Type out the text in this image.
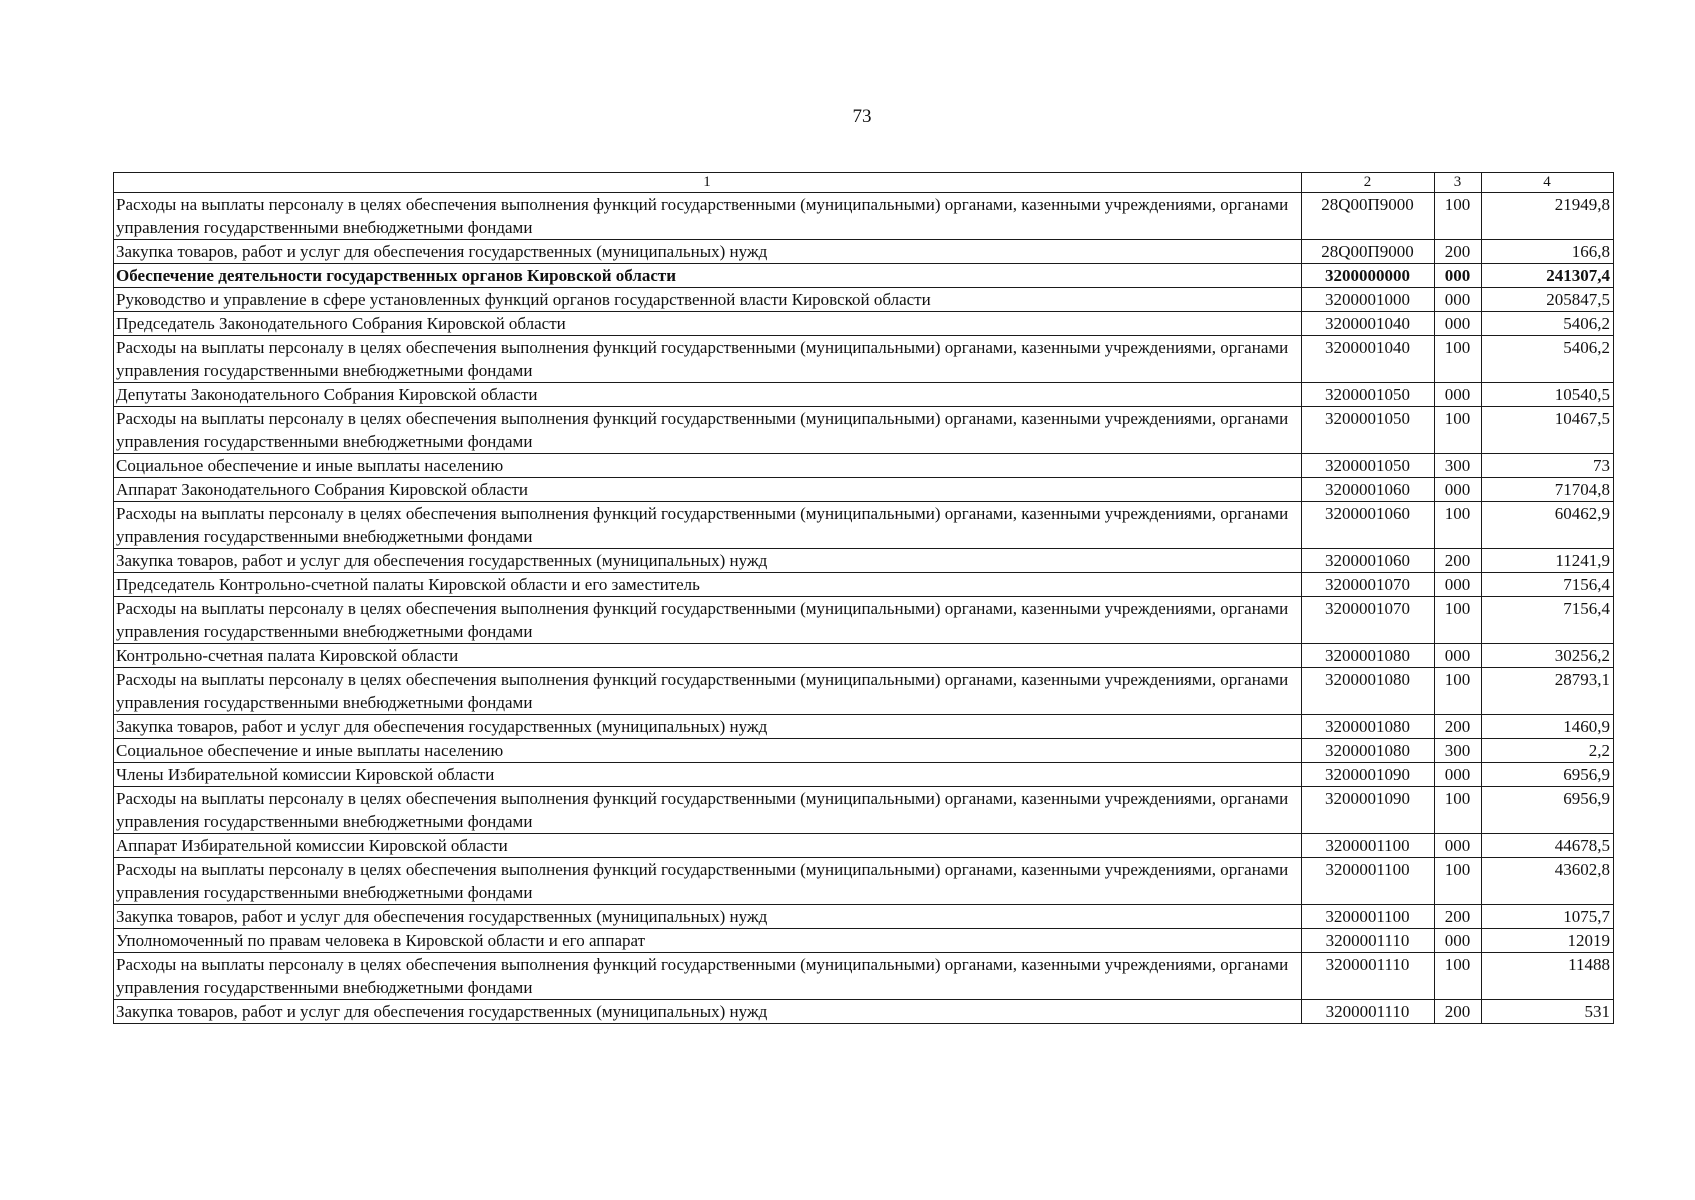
73
1	2	3	4
Расходы на выплаты персоналу в целях обеспечения выполнения функций государственными (муниципальными) органами, казенными учреждениями, органами управления государственными внебюджетными фондами	28Q00П9000	100	21949,8
Закупка товаров, работ и услуг для обеспечения государственных (муниципальных) нужд	28Q00П9000	200	166,8
Обеспечение деятельности государственных органов Кировской области	3200000000	000	241307,4
Руководство и управление в сфере установленных функций органов государственной власти Кировской области	3200001000	000	205847,5
Председатель Законодательного Собрания Кировской области	3200001040	000	5406,2
Расходы на выплаты персоналу в целях обеспечения выполнения функций государственными (муниципальными) органами, казенными учреждениями, органами управления государственными внебюджетными фондами	3200001040	100	5406,2
Депутаты Законодательного Собрания Кировской области	3200001050	000	10540,5
Расходы на выплаты персоналу в целях обеспечения выполнения функций государственными (муниципальными) органами, казенными учреждениями, органами управления государственными внебюджетными фондами	3200001050	100	10467,5
Социальное обеспечение и иные выплаты населению	3200001050	300	73
Аппарат Законодательного Собрания Кировской области	3200001060	000	71704,8
Расходы на выплаты персоналу в целях обеспечения выполнения функций государственными (муниципальными) органами, казенными учреждениями, органами управления государственными внебюджетными фондами	3200001060	100	60462,9
Закупка товаров, работ и услуг для обеспечения государственных (муниципальных) нужд	3200001060	200	11241,9
Председатель Контрольно-счетной палаты Кировской области и его заместитель	3200001070	000	7156,4
Расходы на выплаты персоналу в целях обеспечения выполнения функций государственными (муниципальными) органами, казенными учреждениями, органами управления государственными внебюджетными фондами	3200001070	100	7156,4
Контрольно-счетная палата Кировской области	3200001080	000	30256,2
Расходы на выплаты персоналу в целях обеспечения выполнения функций государственными (муниципальными) органами, казенными учреждениями, органами управления государственными внебюджетными фондами	3200001080	100	28793,1
Закупка товаров, работ и услуг для обеспечения государственных (муниципальных) нужд	3200001080	200	1460,9
Социальное обеспечение и иные выплаты населению	3200001080	300	2,2
Члены Избирательной комиссии Кировской области	3200001090	000	6956,9
Расходы на выплаты персоналу в целях обеспечения выполнения функций государственными (муниципальными) органами, казенными учреждениями, органами управления государственными внебюджетными фондами	3200001090	100	6956,9
Аппарат Избирательной комиссии Кировской области	3200001100	000	44678,5
Расходы на выплаты персоналу в целях обеспечения выполнения функций государственными (муниципальными) органами, казенными учреждениями, органами управления государственными внебюджетными фондами	3200001100	100	43602,8
Закупка товаров, работ и услуг для обеспечения государственных (муниципальных) нужд	3200001100	200	1075,7
Уполномоченный по правам человека в Кировской области и его аппарат	3200001110	000	12019
Расходы на выплаты персоналу в целях обеспечения выполнения функций государственными (муниципальными) органами, казенными учреждениями, органами управления государственными внебюджетными фондами	3200001110	100	11488
Закупка товаров, работ и услуг для обеспечения государственных (муниципальных) нужд	3200001110	200	531
